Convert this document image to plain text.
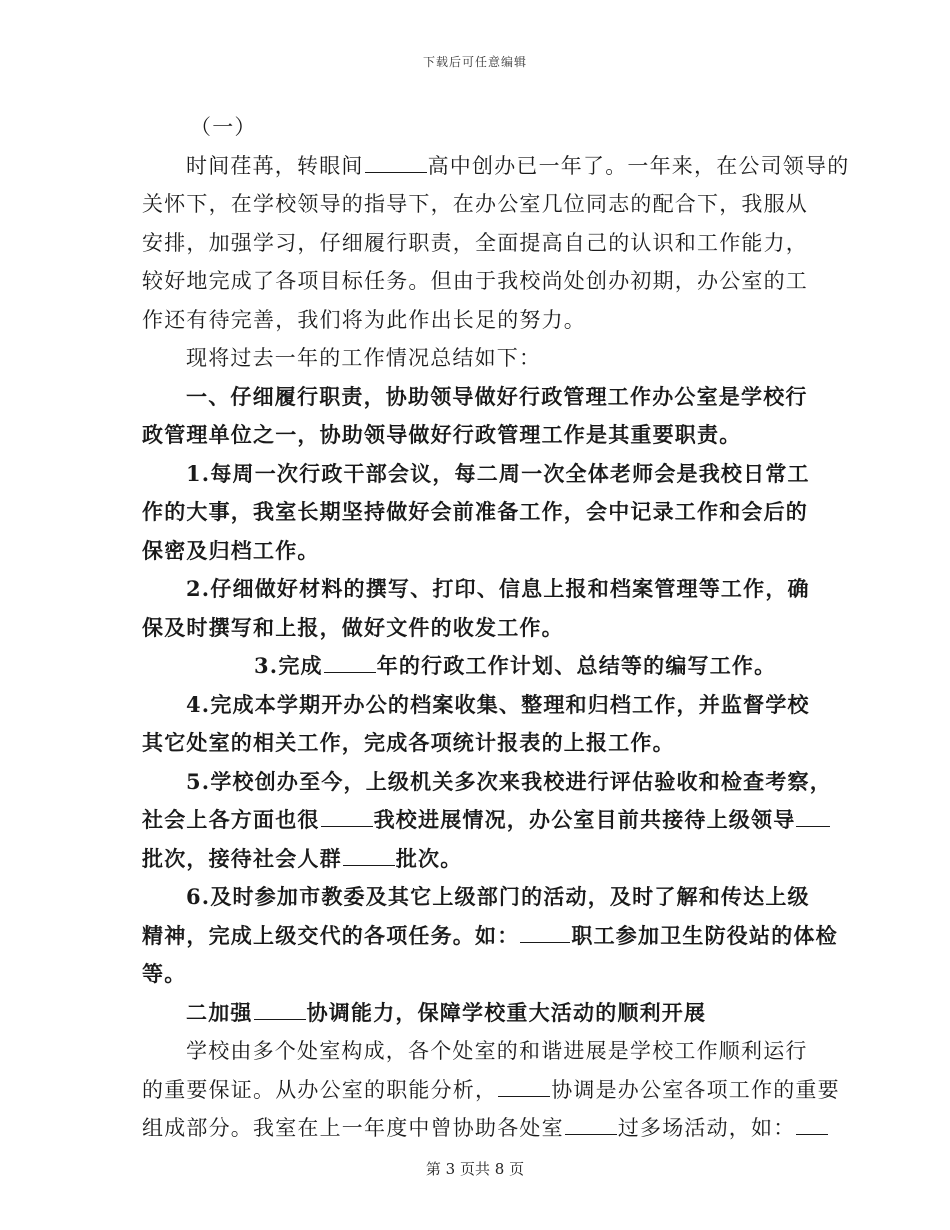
下载后可任意编辑
（一）
时间荏苒，转眼间	高中创办已一年了。一年来，在公司领导的
关怀下，在学校领导的指导下，在办公室几位同志的配合下，我服从
安排，加强学习，仔细履行职责，全面提高自己的认识和工作能力，
较好地完成了各项目标任务。但由于我校尚处创办初期，办公室的工
作还有待完善，我们将为此作出长足的努力。
现将过去一年的工作情况总结如下：
一、仔细履行职责，协助领导做好行政管理工作办公室是学校行
政管理单位之一，协助领导做好行政管理工作是其重要职责。
1.每周一次行政干部会议，每二周一次全体老师会是我校日常工
作的大事，我室长期坚持做好会前准备工作，会中记录工作和会后的
保密及归档工作。
2.仔细做好材料的撰写、打印、信息上报和档案管理等工作，确
保及时撰写和上报，做好文件的收发工作。
3.完成	年的行政工作计划、总结等的编写工作。
4.完成本学期开办公的档案收集、整理和归档工作，并监督学校
其它处室的相关工作，完成各项统计报表的上报工作。
5.学校创办至今，上级机关多次来我校进行评估验收和检查考察，
社会上各方面也很	我校进展情况，办公室目前共接待上级领导
批次，接待社会人群	批次。
6.及时参加市教委及其它上级部门的活动，及时了解和传达上级
精神，完成上级交代的各项任务。如： 职工参加卫生防役站的体检
等。
二加强	协调能力，保障学校重大活动的顺利开展
学校由多个处室构成，各个处室的和谐进展是学校工作顺利运行
的重要保证。从办公室的职能分析，	协调是办公室各项工作的重要
组成部分。我室在上一年度中曾协助各处室	过多场活动，如：
第 3 页共 8 页
